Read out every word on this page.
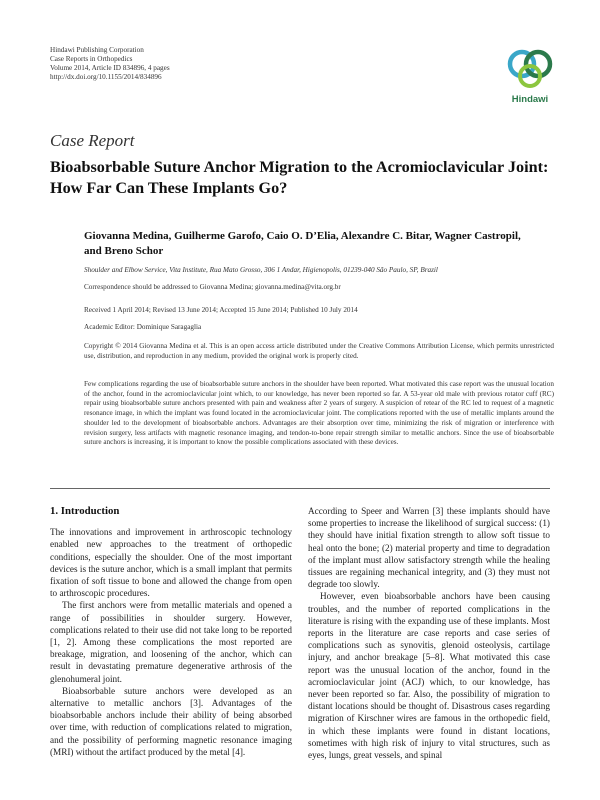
Hindawi Publishing Corporation
Case Reports in Orthopedics
Volume 2014, Article ID 834896, 4 pages
http://dx.doi.org/10.1155/2014/834896
Hindawi
Case Report
Bioabsorbable Suture Anchor Migration to the Acromioclavicular Joint: How Far Can These Implants Go?
Giovanna Medina, Guilherme Garofo, Caio O. D’Elia, Alexandre C. Bitar, Wagner Castropil, and Breno Schor
Shoulder and Elbow Service, Vita Institute, Rua Mato Grosso, 306 1 Andar, Higienopolis, 01239-040 São Paulo, SP, Brazil
Correspondence should be addressed to Giovanna Medina; giovanna.medina@vita.org.br
Received 1 April 2014; Revised 13 June 2014; Accepted 15 June 2014; Published 10 July 2014
Academic Editor: Dominique Saragaglia
Copyright © 2014 Giovanna Medina et al. This is an open access article distributed under the Creative Commons Attribution License, which permits unrestricted use, distribution, and reproduction in any medium, provided the original work is properly cited.
Few complications regarding the use of bioabsorbable suture anchors in the shoulder have been reported. What motivated this case report was the unusual location of the anchor, found in the acromioclavicular joint which, to our knowledge, has never been reported so far. A 53-year old male with previous rotator cuff (RC) repair using bioabsorbable suture anchors presented with pain and weakness after 2 years of surgery. A suspicion of retear of the RC led to request of a magnetic resonance image, in which the implant was found located in the acromioclavicular joint. The complications reported with the use of metallic implants around the shoulder led to the development of bioabsorbable anchors. Advantages are their absorption over time, minimizing the risk of migration or interference with revision surgery, less artifacts with magnetic resonance imaging, and tendon-to-bone repair strength similar to metallic anchors. Since the use of bioabsorbable suture anchors is increasing, it is important to know the possible complications associated with these devices.
1. Introduction

The innovations and improvement in arthroscopic technology enabled new approaches to the treatment of orthopedic conditions, especially the shoulder. One of the most important devices is the suture anchor, which is a small implant that permits fixation of soft tissue to bone and allowed the change from open to arthroscopic procedures.

The first anchors were from metallic materials and opened a range of possibilities in shoulder surgery. However, complications related to their use did not take long to be reported [1, 2]. Among these complications the most reported are breakage, migration, and loosening of the anchor, which can result in devastating premature degenerative arthrosis of the glenohumeral joint.

Bioabsorbable suture anchors were developed as an alternative to metallic anchors [3]. Advantages of the bioabsorbable anchors include their ability of being absorbed over time, with reduction of complications related to migration, and the possibility of performing magnetic resonance imaging (MRI) without the artifact produced by the metal [4].

According to Speer and Warren [3] these implants should have some properties to increase the likelihood of surgical success: (1) they should have initial fixation strength to allow soft tissue to heal onto the bone; (2) material property and time to degradation of the implant must allow satisfactory strength while the healing tissues are regaining mechanical integrity, and (3) they must not degrade too slowly.

However, even bioabsorbable anchors have been causing troubles, and the number of reported complications in the literature is rising with the expanding use of these implants. Most reports in the literature are case reports and case series of complications such as synovitis, glenoid osteolysis, cartilage injury, and anchor breakage [5–8]. What motivated this case report was the unusual location of the anchor, found in the acromioclavicular joint (ACJ) which, to our knowledge, has never been reported so far. Also, the possibility of migration to distant locations should be thought of. Disastrous cases regarding migration of Kirschner wires are famous in the orthopedic field, in which these implants were found in distant locations, sometimes with high risk of injury to vital structures, such as eyes, lungs, great vessels, and spinal
